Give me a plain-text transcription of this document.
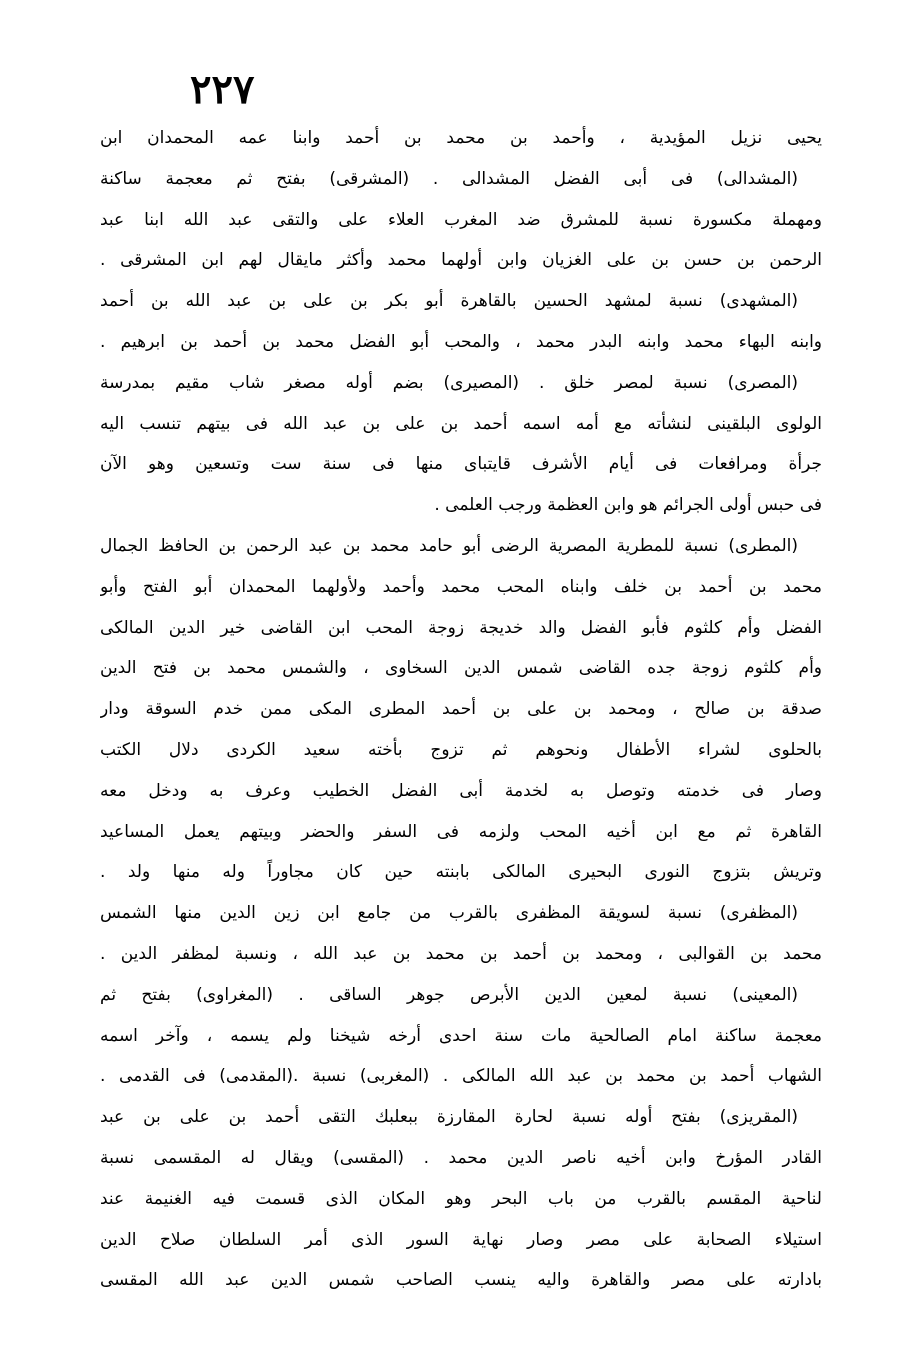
٢٢٧
يحيى نزيل المؤيدية ، وأحمد بن محمد بن أحمد وابنا عمه المحمدان ابن
(المشدالى) فى أبى الفضل المشدالى . (المشرقى) بفتح ثم معجمة ساكنة
ومهملة مكسورة نسبة للمشرق ضد المغرب العلاء على والتقى عبد الله ابنا عبد
الرحمن بن حسن بن على الغزيان وابن أولهما محمد وأكثر مايقال لهم ابن المشرقى .
(المشهدى) نسبة لمشهد الحسين بالقاهرة أبو بكر بن على بن عبد الله بن أحمد
وابنه البهاء محمد وابنه البدر محمد ، والمحب أبو الفضل محمد بن أحمد بن ابرهيم .
(المصرى) نسبة لمصر خلق . (المصيرى) بضم أوله مصغر شاب مقيم بمدرسة
الولوى البلقينى لنشأته مع أمه اسمه أحمد بن على بن عبد الله فى بيتهم تنسب اليه
جرأة ومرافعات فى أيام الأشرف قايتباى منها فى سنة ست وتسعين وهو الآن
فى حبس أولى الجرائم هو وابن العظمة ورجب العلمى .
(المطرى) نسبة للمطرية المصرية الرضى أبو حامد محمد بن عبد الرحمن بن الحافظ الجمال
محمد بن أحمد بن خلف وابناه المحب محمد وأحمد ولأولهما المحمدان أبو الفتح وأبو
الفضل وأم كلثوم فأبو الفضل والد خديجة زوجة المحب ابن القاضى خير الدين المالكى
وأم كلثوم زوجة جده القاضى شمس الدين السخاوى ، والشمس محمد بن فتح الدين
صدقة بن صالح ، ومحمد بن على بن أحمد المطرى المكى ممن خدم السوقة ودار
بالحلوى لشراء الأطفال ونحوهم ثم تزوج بأخته سعيد الكردى دلال الكتب
وصار فى خدمته وتوصل به لخدمة أبى الفضل الخطيب وعرف به ودخل معه
القاهرة ثم مع ابن أخيه المحب ولزمه فى السفر والحضر وبيتهم يعمل المساعيد
وتريش بتزوج النورى البحيرى المالكى بابنته حين كان مجاوراً وله منها ولد .
(المظفرى) نسبة لسويقة المظفرى بالقرب من جامع ابن زين الدين منها الشمس
محمد بن القوالبى ، ومحمد بن أحمد بن محمد بن عبد الله ، ونسبة لمظفر الدين .
(المعينى) نسبة لمعين الدين الأبرص جوهر الساقى . (المغراوى) بفتح ثم
معجمة ساكنة امام الصالحية مات سنة احدى أرخه شيخنا ولم يسمه ، وآخر اسمه
الشهاب أحمد بن محمد بن عبد الله المالكى . (المغربى) نسبة .(المقدمى) فى القدمى .
(المقريزى) بفتح أوله نسبة لحارة المقارزة ببعلبك التقى أحمد بن على بن عبد
القادر المؤرخ وابن أخيه ناصر الدين محمد . (المقسى) ويقال له المقسمى نسبة
لناحية المقسم بالقرب من باب البحر وهو المكان الذى قسمت فيه الغنيمة عند
استيلاء الصحابة على مصر وصار نهاية السور الذى أمر السلطان صلاح الدين
بادارته على مصر والقاهرة واليه ينسب الصاحب شمس الدين عبد الله المقسى
